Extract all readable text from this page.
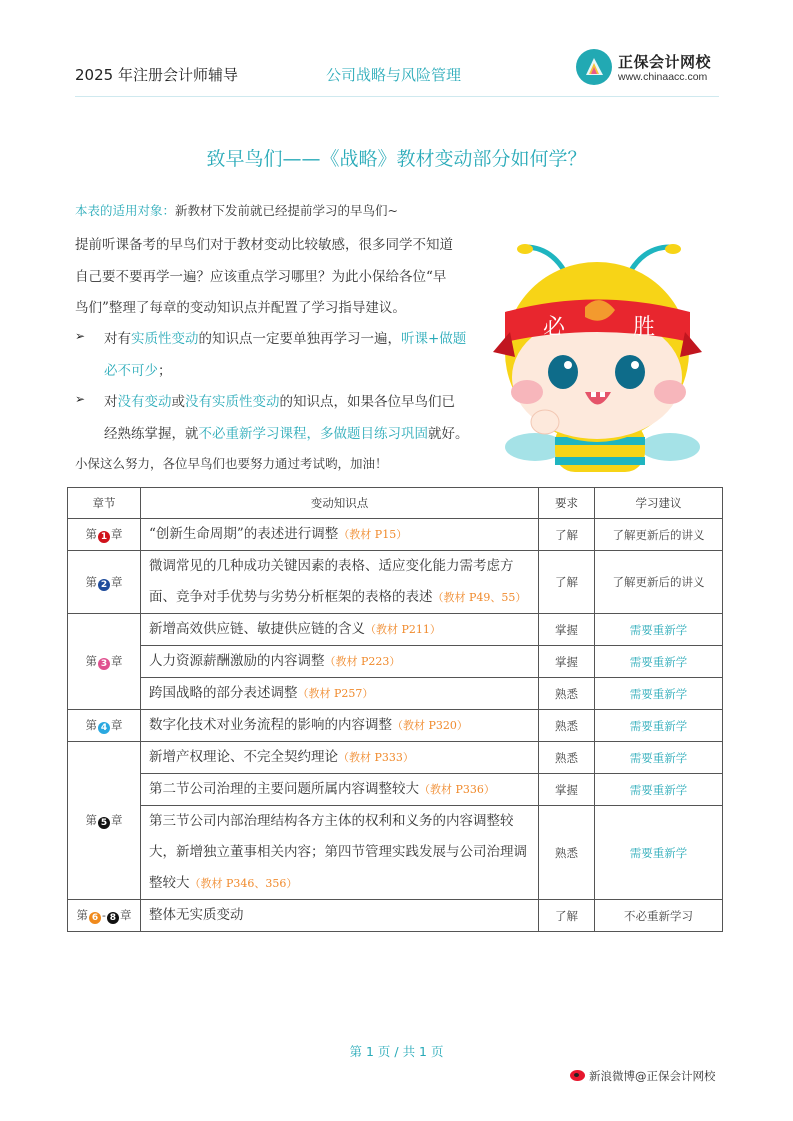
2025 年注册会计师辅导	公司战略与风险管理
正保会计网校
www.chinaacc.com
致早鸟们——《战略》教材变动部分如何学？
本表的适用对象：新教材下发前就已经提前学习的早鸟们~
提前听课备考的早鸟们对于教材变动比较敏感，很多同学不知道
自己要不要再学一遍？应该重点学习哪里？为此小保给各位“早
鸟们”整理了每章的变动知识点并配置了学习指导建议。
➢ 对有实质性变动的知识点一定要单独再学习一遍，听课+做题
必不可少；
➢ 对没有变动或没有实质性变动的知识点，如果各位早鸟们已
经熟练掌握，就不必重新学习课程，多做题目练习巩固就好。
小保这么努力，各位早鸟们也要努力通过考试哟，加油！
必	胜
章节	变动知识点	要求	学习建议
第 1 章	“创新生命周期”的表述进行调整（教材 P15）	了解	了解更新后的讲义
第 2 章	微调常见的几种成功关键因素的表格、适应变化能力需考虑方面、竞争对手优势与劣势分析框架的表格的表述（教材 P49、55）	了解	了解更新后的讲义
第 3 章	新增高效供应链、敏捷供应链的含义（教材 P211）	掌握	需要重新学
	人力资源薪酬激励的内容调整（教材 P223）	掌握	需要重新学
	跨国战略的部分表述调整（教材 P257）	熟悉	需要重新学
第 4 章	数字化技术对业务流程的影响的内容调整（教材 P320）	熟悉	需要重新学
第 5 章	新增产权理论、不完全契约理论（教材 P333）	熟悉	需要重新学
	第二节公司治理的主要问题所属内容调整较大（教材 P336）	掌握	需要重新学
	第三节公司内部治理结构各方主体的权利和义务的内容调整较大，新增独立董事相关内容；第四节管理实践发展与公司治理调整较大（教材 P346、356）	熟悉	需要重新学
第 6 - 8 章	整体无实质变动	了解	不必重新学习
第 1 页 / 共 1 页
新浪微博@正保会计网校
